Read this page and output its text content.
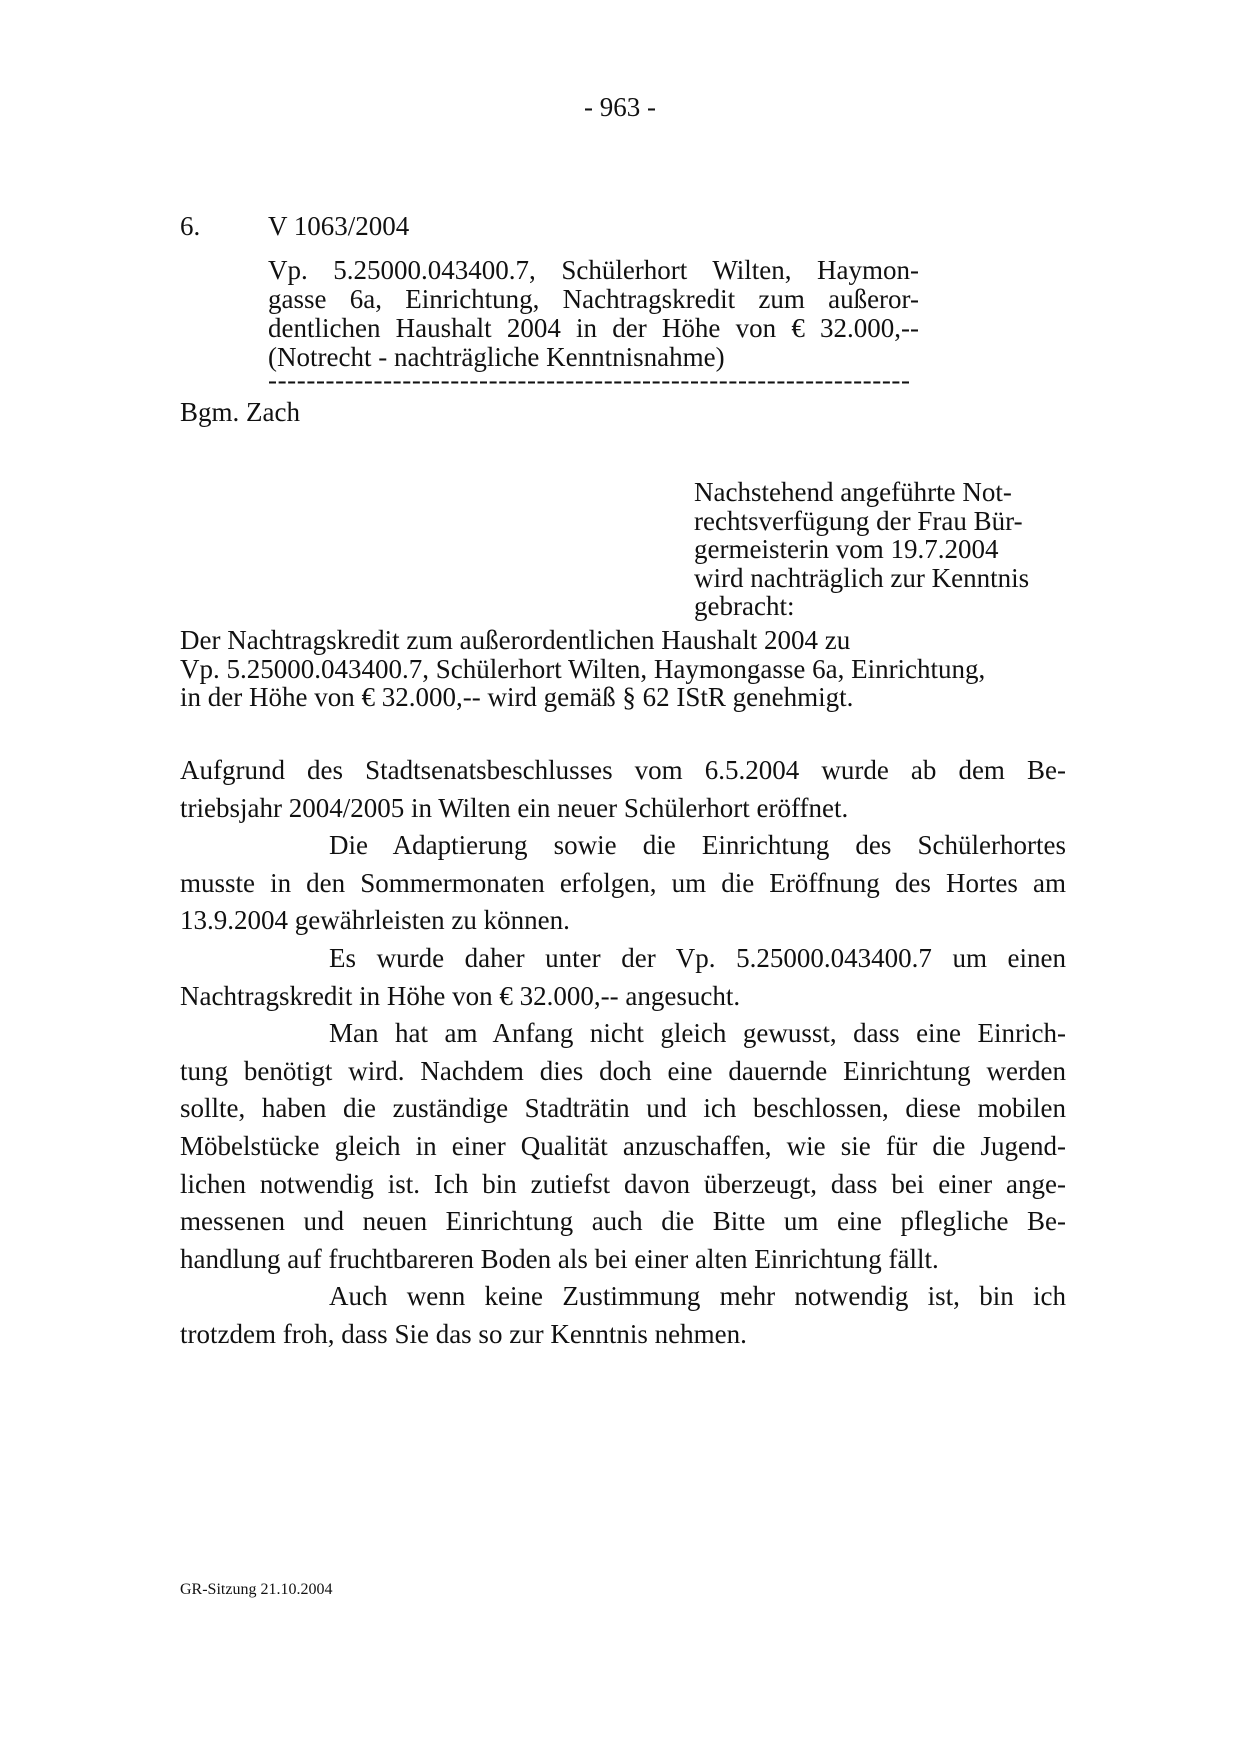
- 963 -
6.	V 1063/2004
Vp. 5.25000.043400.7, Schülerhort Wilten, Haymon-
gasse 6a, Einrichtung, Nachtragskredit zum außeror-
dentlichen Haushalt 2004 in der Höhe von € 32.000,--
(Notrecht - nachträgliche Kenntnisnahme)
-------------------------------------------------------------------
Bgm. Zach
Nachstehend angeführte Not-
rechtsverfügung der Frau Bür-
germeisterin vom 19.7.2004
wird nachträglich zur Kenntnis
gebracht:
Der Nachtragskredit zum außerordentlichen Haushalt 2004 zu
Vp. 5.25000.043400.7, Schülerhort Wilten, Haymongasse 6a, Einrichtung,
in der Höhe von € 32.000,-- wird gemäß § 62 IStR genehmigt.

Aufgrund des Stadtsenatsbeschlusses vom 6.5.2004 wurde ab dem Be-
triebsjahr 2004/2005 in Wilten ein neuer Schülerhort eröffnet.

Die Adaptierung sowie die Einrichtung des Schülerhortes
musste in den Sommermonaten erfolgen, um die Eröffnung des Hortes am
13.9.2004 gewährleisten zu können.

Es wurde daher unter der Vp. 5.25000.043400.7 um einen
Nachtragskredit in Höhe von € 32.000,-- angesucht.

Man hat am Anfang nicht gleich gewusst, dass eine Einrich-
tung benötigt wird. Nachdem dies doch eine dauernde Einrichtung werden
sollte, haben die zuständige Stadträtin und ich beschlossen, diese mobilen
Möbelstücke gleich in einer Qualität anzuschaffen, wie sie für die Jugend-
lichen notwendig ist. Ich bin zutiefst davon überzeugt, dass bei einer ange-
messenen und neuen Einrichtung auch die Bitte um eine pflegliche Be-
handlung auf fruchtbareren Boden als bei einer alten Einrichtung fällt.

Auch wenn keine Zustimmung mehr notwendig ist, bin ich
trotzdem froh, dass Sie das so zur Kenntnis nehmen.

GR-Sitzung 21.10.2004
